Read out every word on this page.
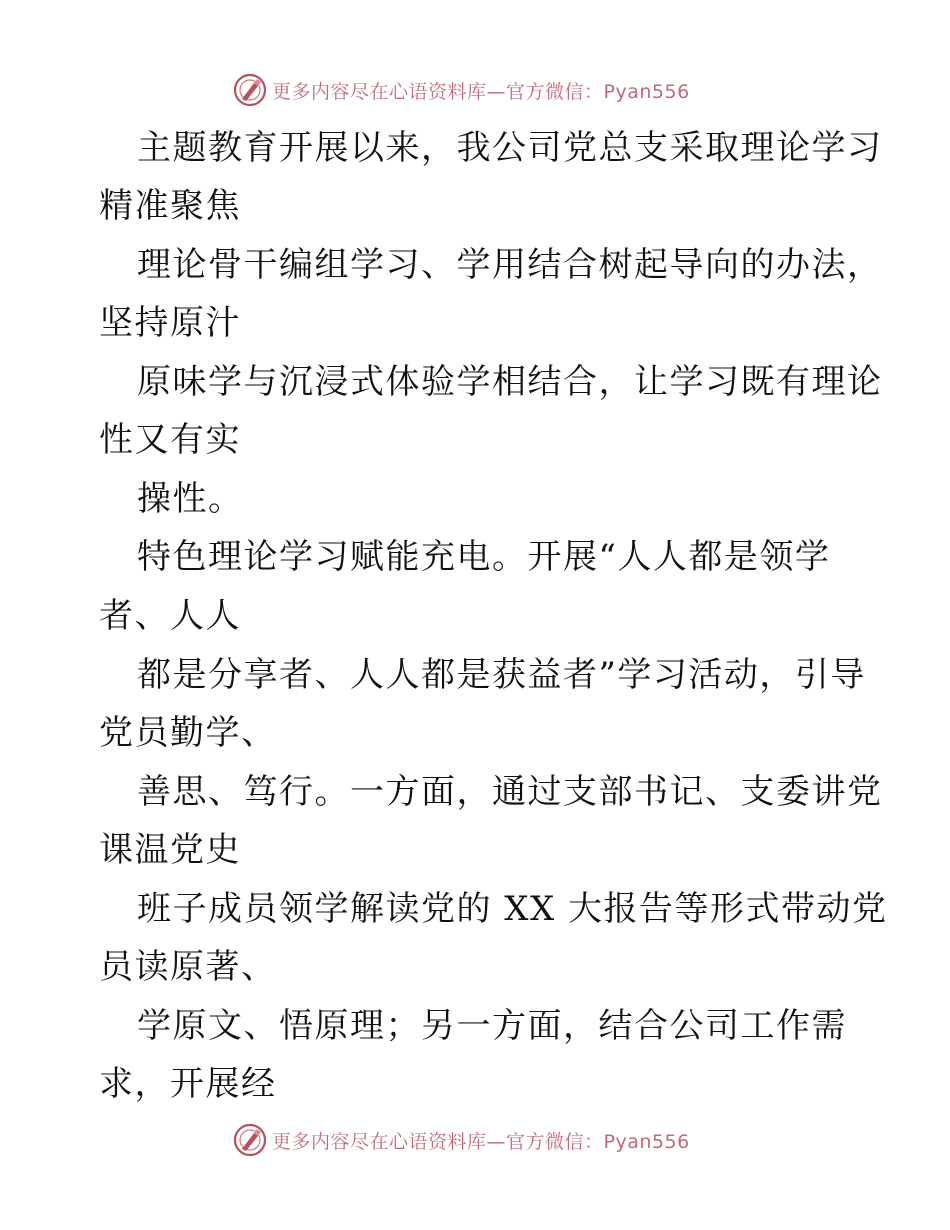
更多内容尽在心语资料库—官方微信：Pyan556
主题教育开展以来，我公司党总支采取理论学习
精准聚焦
理论骨干编组学习、学用结合树起导向的办法，
坚持原汁
原味学与沉浸式体验学相结合，让学习既有理论
性又有实
操性。
特色理论学习赋能充电。开展“人人都是领学
者、人人
都是分享者、人人都是获益者”学习活动，引导
党员勤学、
善思、笃行。一方面，通过支部书记、支委讲党
课温党史
班子成员领学解读党的 XX 大报告等形式带动党
员读原著、
学原文、悟原理；另一方面，结合公司工作需
求，开展经
更多内容尽在心语资料库—官方微信：Pyan556
